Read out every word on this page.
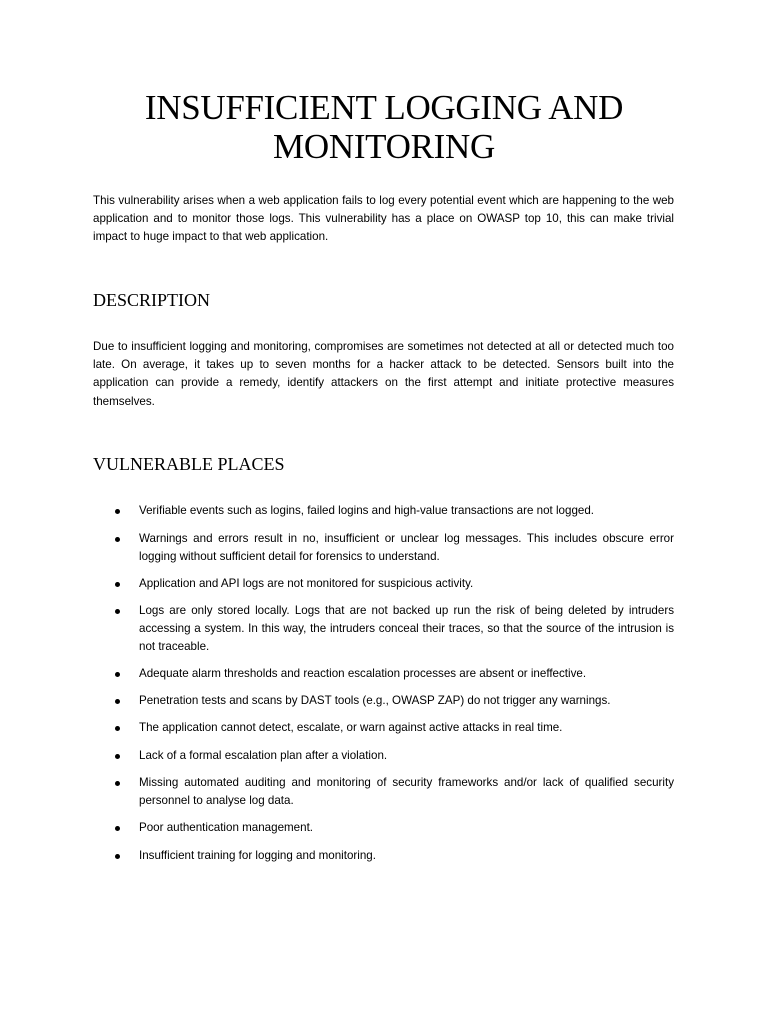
INSUFFICIENT LOGGING AND
MONITORING

This vulnerability arises when a web application fails to log every potential event which are happening to the web application and to monitor those logs. This vulnerability has a place on OWASP top 10, this can make trivial impact to huge impact to that web application.

DESCRIPTION

Due to insufficient logging and monitoring, compromises are sometimes not detected at all or detected much too late. On average, it takes up to seven months for a hacker attack to be detected. Sensors built into the application can provide a remedy, identify attackers on the first attempt and initiate protective measures themselves.

VULNERABLE PLACES
Verifiable events such as logins, failed logins and high-value transactions are not logged.
Warnings and errors result in no, insufficient or unclear log messages. This includes obscure error logging without sufficient detail for forensics to understand.
Application and API logs are not monitored for suspicious activity.
Logs are only stored locally. Logs that are not backed up run the risk of being deleted by intruders accessing a system. In this way, the intruders conceal their traces, so that the source of the intrusion is not traceable.
Adequate alarm thresholds and reaction escalation processes are absent or ineffective.
Penetration tests and scans by DAST tools (e.g., OWASP ZAP) do not trigger any warnings.
The application cannot detect, escalate, or warn against active attacks in real time.
Lack of a formal escalation plan after a violation.
Missing automated auditing and monitoring of security frameworks and/or lack of qualified security personnel to analyse log data.
Poor authentication management.
Insufficient training for logging and monitoring.
